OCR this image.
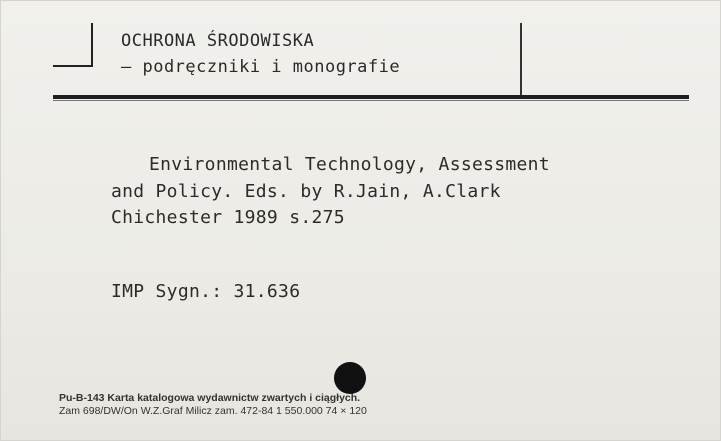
OCHRONA ŚRODOWISKA
– podręczniki i monografie
Environmental Technology, Assessment
and Policy. Eds. by R.Jain, A.Clark
Chichester 1989 s.275
IMP Sygn.: 31.636
Pu-B-143 Karta katalogowa wydawnictw zwartych i ciągłych.
Zam 698/DW/On W.Z.Graf Milicz zam. 472-84 1 550.000 74 × 120
